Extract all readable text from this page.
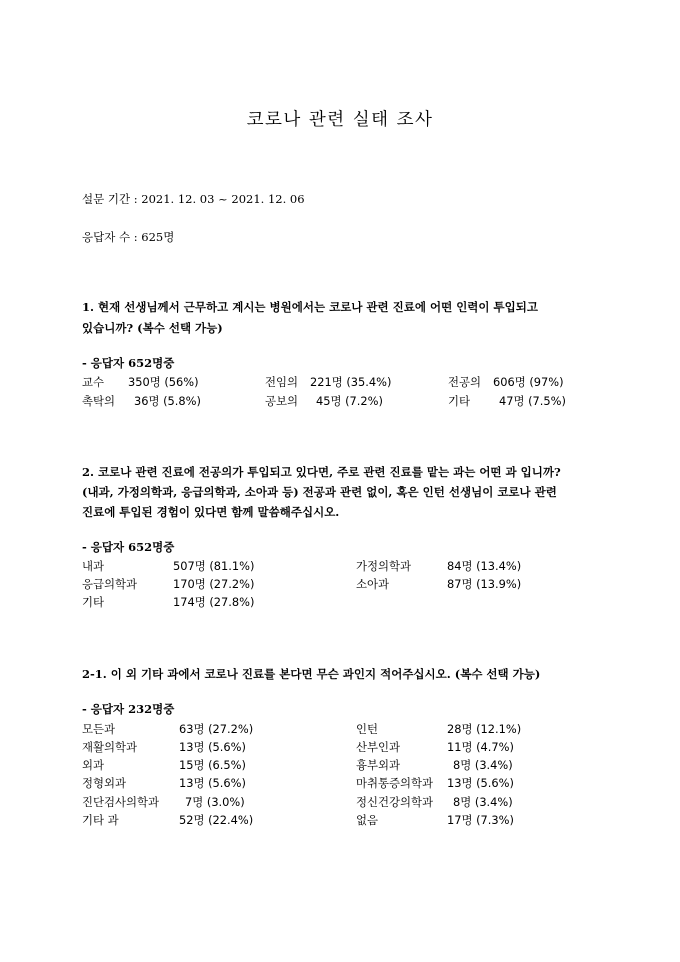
코로나 관련 실태 조사
설문 기간 : 2021. 12. 03 ~ 2021. 12. 06
응답자 수 : 625명
1. 현재 선생님께서 근무하고 계시는 병원에서는 코로나 관련 진료에 어떤 인력이 투입되고
있습니까? (복수 선택 가능)
- 응답자 652명중
교수 350명 (56%)	전임의 221명 (35.4%)	전공의 606명 (97%)
촉탁의 36명 (5.8%)	공보의 45명 (7.2%)	기타	47명 (7.5%)
2. 코로나 관련 진료에 전공의가 투입되고 있다면, 주로 관련 진료를 맡는 과는 어떤 과 입니까?
(내과, 가정의학과, 응급의학과, 소아과 등) 전공과 관련 없이, 혹은 인턴 선생님이 코로나 관련
진료에 투입된 경험이 있다면 함께 말씀해주십시오.
- 응답자 652명중
내과	507명 (81.1%)	가정의학과	84명 (13.4%)
응급의학과	170명 (27.2%)	소아과	87명 (13.9%)
기타	174명 (27.8%)
2-1. 이 외 기타 과에서 코로나 진료를 본다면 무슨 과인지 적어주십시오. (복수 선택 가능)
- 응답자 232명중
모든과	63명 (27.2%)	인턴	28명 (12.1%)
재활의학과	13명 (5.6%)	산부인과	11명 (4.7%)
외과	15명 (6.5%)	흉부외과	8명 (3.4%)
정형외과	13명 (5.6%)	마취통증의학과 13명 (5.6%)
진단검사의학과 7명 (3.0%)	정신건강의학과 8명 (3.4%)
기타 과	52명 (22.4%)	없음	17명 (7.3%)
